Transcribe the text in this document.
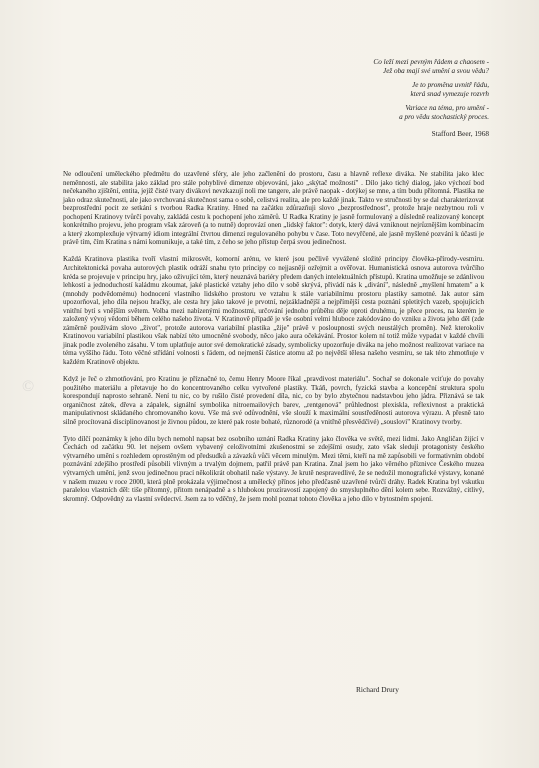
Co leží mezi pevným řádem a chaosem -
Jež oba mají své umění a svou vědu?

Je to proměna uvnitř řádu,
která snad vymezuje rozvrh

Variace na téma, pro umění -
a pro vědu stochastický proces.

Stafford Beer, 1968

Ne odloučení uměleckého předmětu do uzavřené sféry, ale jeho začlenění do prostoru, času a hlavně reflexe diváka. Ne stabilita jako klec neměnnosti, ale stabilita jako základ pro stále pohyblivé dimenze objevování, jako „skýtač možností" . Dílo jako tichý dialog, jako výchozí bod nečekaného zjištění, entita, jejíž čisté tvary divákovi nevzkazují noli me tangere, ale právě naopak - dotýkej se mne, a tím budu přítomná. Plastika ne jako odraz skutečnosti, ale jako svrchovaná skutečnost sama o sobě, celistvá realita, ale pro každé jinak. Takto ve stručnosti by se dal charakterizovat bezprostřední pocit ze setkání s tvorbou Radka Kratiny. Hned na začátku zdůrazňuji slovo „bezprostřednost", protože hraje nezbytnou roli v pochopení Kratinovy tvůrčí povahy, zakládá cestu k pochopení jeho záměrů. U Radka Kratiny je jasně formulovaný a důsledně realizovaný koncept konkrétního projevu, jeho program však zároveň (a to nutně) doprovází onen „lidský faktor": dotyk, který dává vzniknout nejrůznějším kombinacím a který zkomplexňuje výtvarný idiom integrální čtvrtou dimenzí regulovaného pohybu v čase. Toto nevyřčené, ale jasně myšlené pozvání k účasti je právě tím, čím Kratina s námi komunikuje, a také tím, z čeho se jeho přístup čerpá svou jedinečnost.

Každá Kratinova plastika tvoří vlastní mikrosvět, komorní arénu, ve které jsou pečlivě vyvážené složité principy člověka-přírody-vesmíru. Architektonická povaha autorových plastik odráží snahu tyto principy co nejjasněji ozřejmit a ověřovat. Humanistická osnova autorova tvůrčího kréda se projevuje v principu hry, jako oživující tém, který neuznává bariéry předem daných intelektuálních přístupů. Kratina umožňuje se zdánlivou lehkostí a jednoduchostí kaládmu zkoumat, jaké plastické vztahy jeho dílo v sobě skrývá, přivádí nás k „divání", následně „myšlení hmatem" a k (mnohdy podvědomému) hodnocení vlastního lidského prostoru ve vztahu k stále variabilnímu prostoru plastiky samotné. Jak autor sám upozorňoval, jeho díla nejsou hračky, ale cesta hry jako takové je prvotní, nejzákladnější a nejpřímější cesta poznání spletitých vazeb, spojujících vnitřní bytí s vnějším světem. Volba mezi nabízenými možnostmi, určování jednoho průběhu děje oproti druhému, je přece proces, na kterém je založený vývoj vědomí během celého našeho života. V Kratinově případě je vše osobní velmi hluboce zakódováno do vzniku a života jeho děl (zde záměrně používám slovo „život", protože autorova variabilní plastika „žije" právě v posloupnosti svých neustálých proměn). Než kterokoliv Kratinovou variabilní plastikou však nabízí této umocněné svobody, něco jako aura očekávání. Prostor kolem ní totiž může vypadat v každé chvíli jinak podle zvoleného zásahu. V tom uplatňuje autor své demokratické zásady, symbolicky upozorňuje diváka na jeho možnost realizovat variace na téma vyššího řádu. Toto věčné střídání volnosti s řádem, od nejmenší částice atomu až po největší tělesa našeho vesmíru, se tak této zhmotňuje v každém Kratinově objektu.

Když je řeč o zhmotňování, pro Kratinu je příznačné to, čemu Henry Moore říkal „pravdivost materiálu". Sochař se dokonale vciťuje do povahy použitého materiálu a přetavuje ho do koncentrovaného celku vytvořené plastiky. Tkáň, povrch, fyzická stavba a koncepční struktura spolu korespondují naprosto sehraně. Není tu nic, co by rušilo čisté provedení díla, nic, co by bylo zbytečnou nadstavbou jeho jádra. Přiznává se tak organičnost zátek, dřeva a zápalek, signální symbolika nitroemailových barev, „rentgenová" průhlednost plexiskla, reflexivnost a praktická manipulativnost skládaného chromovaného kovu. Vše má své odůvodnění, vše slouží k maximální soustředěnosti autorova výrazu. A přesně tato silně procítovaná disciplinovanost je živnou půdou, ze které pak roste bohaté, různorodé (a vnitřně přesvědčivé) „souslovi" Kratinovy tvorby.

Tyto dílčí poznámky k jeho dílu bych nemohl napsat bez osobního uznání Radka Kratiny jako člověka ve světě, mezi lidmi. Jako Angličan žijící v Čechách od začátku 90. let nejsem ovšem vybavený celoživotními zkušenostmi se zdejšími osudy, zato však sleduji protagonisty českého výtvarného umění s rozhledem oprostěným od předsudků a závazků vůči věcem minulým. Mezi těmi, kteří na mě zapůsobili ve formativním období poznávání zdejšího prostředí působili vlivným a trvalým dojmem, patřil právě pan Kratina. Znal jsem ho jako věrného příznivce Českého muzea výtvarných umění, jenž svou jedinečnou prací několikrát obohatil naše výstavy. Je krutě nespravedlivé, že se nedožil monografické výstavy, konané v našem muzeu v roce 2000, která plně prokázala výjimečnost a umělecký přínos jeho předčasně uzavřené tvůrčí dráhy. Radek Kratina byl vskutku paralelou vlastních děl: tiše přítomný, přitom nenápadně a s hlubokou prozíravostí zapojený do smysluplného dění kolem sebe. Rozvážný, citlivý, skromný. Odpovědný za vlastní svědectví. Jsem za to vděčný, že jsem mohl poznat tohoto člověka a jeho dílo v bytostném spojení.

Richard Drury
©
